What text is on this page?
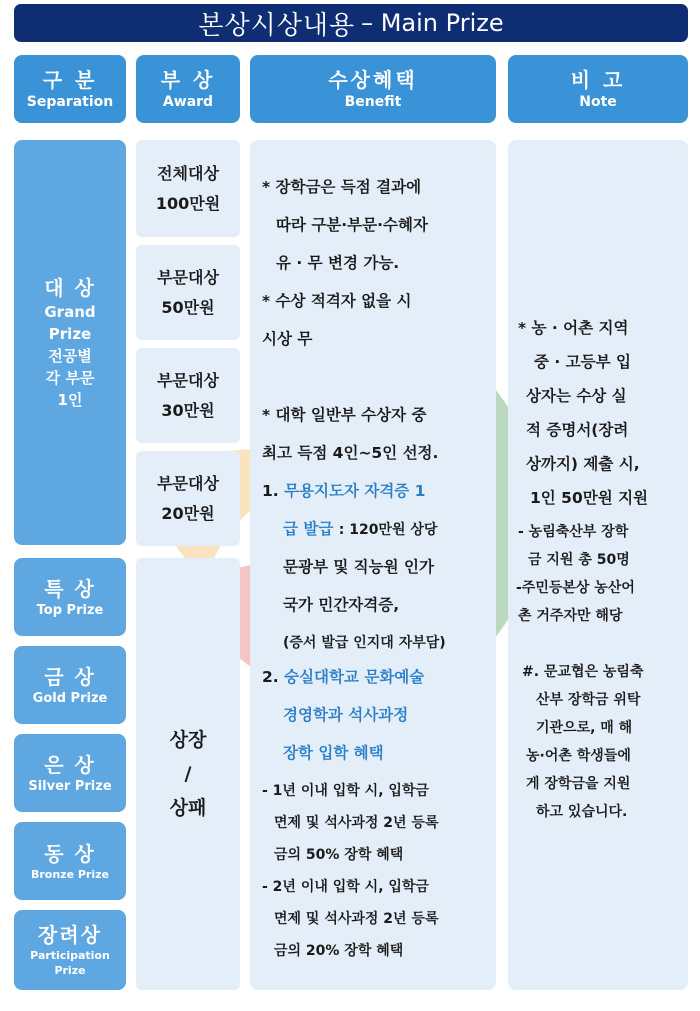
본상시상내용 – Main Prize
구 분
Separation
부 상
Award
수상혜택
Benefit
비 고
Note
대 상
Grand
Prize
전공별
각 부문
1인
특 상
Top Prize
금 상
Gold Prize
은 상
Silver Prize
동 상
Bronze Prize
장려상
Participation
Prize
전체대상
100만원
부문대상
50만원
부문대상
30만원
부문대상
20만원
상장
/
상패
* 장학금은 득점 결과에
따라 구분·부문·수혜자
유 · 무 변경 가능.
* 수상 적격자 없을 시
시상 무
* 대학 일반부 수상자 중
최고 득점 4인~5인 선정.
1. 무용지도자 자격증 1
급 발급 : 120만원 상당
문광부 및 직능원 인가
국가 민간자격증,
(증서 발급 인지대 자부담)
2. 숭실대학교 문화예술
경영학과 석사과정
장학 입학 혜택
- 1년 이내 입학 시, 입학금
면제 및 석사과정 2년 등록
금의 50% 장학 혜택
- 2년 이내 입학 시, 입학금
면제 및 석사과정 2년 등록
금의 20% 장학 혜택
* 농 · 어촌 지역
중 · 고등부 입
상자는 수상 실
적 증명서(장려
상까지) 제출 시,
1인 50만원 지원
- 농림축산부 장학
금 지원 총 50명
-주민등본상 농산어
촌 거주자만 해당
#. 문교협은 농림축
산부 장학금 위탁
기관으로, 매 해
농·어촌 학생들에
게 장학금을 지원
하고 있습니다.
